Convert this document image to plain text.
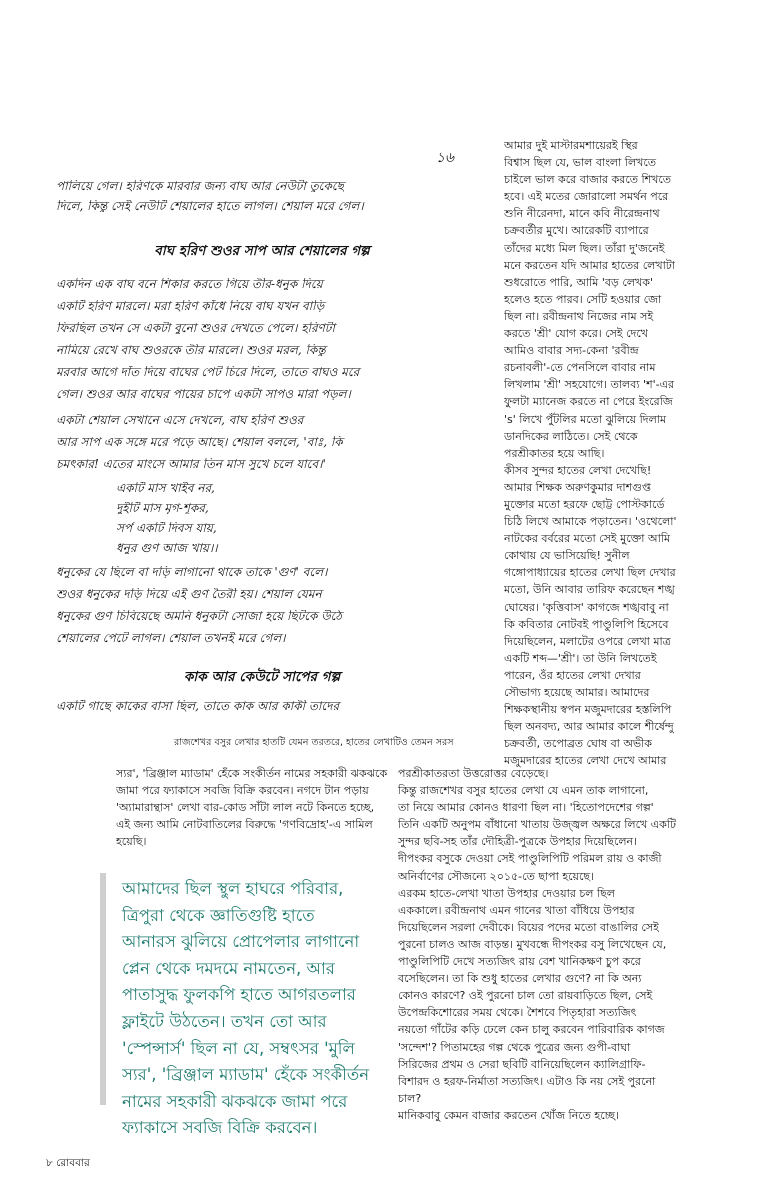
১৬
পালিয়ে গেল। হরিণকে মারবার জন্য বাঘ আর নেউটা তুকেছে
দিলে, কিন্তু সেই নেউটি শেয়ালের হাতে লাগল। শেয়াল মরে গেল।
বাঘ হরিণ শুওর সাপ আর শেয়ালের গল্প
একদিন এক বাঘ বনে শিকার করতে গিয়ে তীর-ধনুক দিয়ে
একটি হরিণ মারলে। মরা হরিণ কাঁধে নিয়ে বাঘ যখন বাড়ি
ফিরছিল তখন সে একটা বুনো শুওর দেখতে পেলে। হরিণটা
নামিয়ে রেখে বাঘ শুওরকে তীর মারলে। শুওর মরল, কিন্তু
মরবার আগে দাঁত দিয়ে বাঘের পেট চিরে দিলে, তাতে বাঘও মরে
গেল। শুওর আর বাঘের পায়ের চাপে একটা সাপও মারা পড়ল।
একটা শেয়াল সেখানে এসে দেখলে, বাঘ হরিণ শুওর
আর সাপ এক সঙ্গে মরে পড়ে আছে। শেয়াল বললে, 'বাঃ, কি
চমৎকার! এতের মাংসে আমার তিন মাস সুখে চলে যাবে।'
একটি মাস খাইব নর,
দুইটি মাস মৃগ-শূকর,
সর্প একটি দিবস যায়,
ধনুর গুণ আজ খায়।।
ধনুকের যে ছিলে বা দড়ি লাগানো থাকে তাকে 'গুণ' বলে।
শুওর ধনুকের দড়ি দিয়ে এই গুণ তৈরী হয়। শেয়াল যেমন
ধনুকের গুণ চিবিয়েছে অমনি ধনুকটা সোজা হয়ে ছিটকে উঠে
শেয়ালের পেটে লাগল। শেয়াল তখনই মরে গেল।
কাক আর কেউটে সাপের গল্প
একটি গাছে কাকের বাসা ছিল, তাতে কাক আর কাকী তাদের
রাজশেখর বসুর লেখার হাতটি যেমন তরতরে, হাতের লেখাটিও তেমন সরস
আমার দুই মাস্টারমশায়েরই স্থির
বিশ্বাস ছিল যে, ভাল বাংলা লিখতে
চাইলে ভাল করে বাজার করতে শিখতে
হবে। এই মতের জোরালো সমর্থন পরে
শুনি নীরেনদা, মানে কবি নীরেন্দ্রনাথ
চক্রবর্তীর মুখে। আরেকটি ব্যাপারে
তাঁদের মধ্যে মিল ছিল। তাঁরা দু'জনেই
মনে করতেন যদি আমার হাতের লেখাটা
শুধরোতে পারি, আমি 'বড় লেখক'
হলেও হতে পারব। সেটি হওয়ার জো
ছিল না। রবীন্দ্রনাথ নিজের নাম সই
করতে 'শ্রী' যোগ করে। সেই দেখে
আমিও বাবার সদ্য-কেনা 'রবীন্দ্র
রচনাবলী'-তে পেনসিলে বাবার নাম
লিখলাম 'শ্রী' সহযোগে। তালব্য 'শ'-এর
ফুলটা ম্যানেজ করতে না পেরে ইংরেজি
's' লিখে পুঁটলির মতো ঝুলিয়ে দিলাম
ডানদিকের লাঠিতে। সেই থেকে
পরশ্রীকাতর হয়ে আছি।
কীসব সুন্দর হাতের লেখা দেখেছি!
আমার শিক্ষক অরুণকুমার দাশগুপ্ত
মুক্তোর মতো হরফে ছোট্ট পোস্টকার্ডে
চিঠি লিখে আমাকে পড়াতেন। 'ওথেলো'
নাটকের বর্বরের মতো সেই মুক্তো আমি
কোথায় যে ভাসিয়েছি! সুনীল
গঙ্গোপাধ্যায়ের হাতের লেখা ছিল দেখার
মতো, উনি আবার তারিফ করেছেন শঙ্খ
ঘোষের। 'কৃত্তিবাস' কাগজে শঙ্খবাবু না
কি কবিতার নোটবই পাণ্ডুলিপি হিসেবে
দিয়েছিলেন, মলাটের ওপরে লেখা মাত্র
একটি শব্দ—'শ্রী'। তা উনি লিখতেই
পারেন, ওঁর হাতের লেখা দেখার
সৌভাগ্য হয়েছে আমার। আমাদের
শিক্ষকস্থানীয় স্বপন মজুমদারের হস্তলিপি
ছিল অনবদ্য, আর আমার কালে শীর্ষেন্দু
চক্রবর্তী, তপোব্রত ঘোষ বা অভীক
মজুমদারের হাতের লেখা দেখে আমার
স্যর', 'ব্রিঞ্জাল ম্যাডাম' হেঁকে সংকীর্তন নামের সহকারী ঝকঝকে
জামা পরে ফ্যাকাসে সবজি বিক্রি করবেন। নগদে টান পড়ায়
'অ্যামারান্থাস' লেখা বার-কোড সাঁটা লাল নটে কিনতে হচ্ছে,
এই জন্য আমি নোটবাতিলের বিরুদ্ধে 'গণবিদ্রোহ'-এ সামিল
হয়েছি।
আমাদের ছিল স্থুল হাঘরে পরিবার,
ত্রিপুরা থেকে জ্ঞাতিগুষ্টি হাতে
আনারস ঝুলিয়ে প্রোপেলার লাগানো
প্লেন থেকে দমদমে নামতেন, আর
পাতাসুদ্ধ ফুলকপি হাতে আগরতলার
ফ্লাইটে উঠতেন। তখন তো আর
'স্পেন্সার্স' ছিল না যে, সম্বৎসর 'মুলি
স্যর', 'ব্রিঞ্জাল ম্যাডাম' হেঁকে সংকীর্তন
নামের সহকারী ঝকঝকে জামা পরে
ফ্যাকাসে সবজি বিক্রি করবেন।
পরশ্রীকাতরতা উত্তরোত্তর বেড়েছে।
কিন্তু রাজশেখর বসুর হাতের লেখা যে এমন তাক লাগানো,
তা নিয়ে আমার কোনও ধারণা ছিল না। 'হিতোপদেশের গল্প'
তিনি একটি অনুপম বাঁধানো খাতায় উজ্জ্বল অক্ষরে লিখে একটি
সুন্দর ছবি-সহ তাঁর দৌহিত্রী-পুত্রকে উপহার দিয়েছিলেন।
দীপংকর বসুকে দেওয়া সেই পাণ্ডুলিপিটি পরিমল রায় ও কাজী
অনির্বাণের সৌজন্যে ২০১৫-তে ছাপা হয়েছে।
এরকম হাতে-লেখা খাতা উপহার দেওয়ার চল ছিল
এককালে। রবীন্দ্রনাথ এমন গানের খাতা বাঁধিয়ে উপহার
দিয়েছিলেন সরলা দেবীকে। বিয়ের পদের মতো বাঙালির সেই
পুরনো চালও আজ বাড়ন্ত। মুখবন্ধে দীপংকর বসু লিখেছেন যে,
পাণ্ডুলিপিটি দেখে সত্যজিৎ রায় বেশ খানিকক্ষণ চুপ করে
বসেছিলেন। তা কি শুধু হাতের লেখার গুণে? না কি অন্য
কোনও কারণে? ওই পুরনো চাল তো রায়বাড়িতে ছিল, সেই
উপেন্দ্রকিশোরের সময় থেকে। শৈশবে পিতৃহারা সত্যজিৎ
নয়তো গাঁটের কড়ি ঢেলে কেন চালু করবেন পারিবারিক কাগজ
'সন্দেশ'? পিতামহের গল্প থেকে পুত্রের জন্য গুপী-বাঘা
সিরিজের প্রথম ও সেরা ছবিটি বানিয়েছিলেন ক্যালিগ্রাফি-
বিশারদ ও হরফ-নির্মাতা সত্যজিৎ। এটাও কি নয় সেই পুরনো
চাল?
মানিকবাবু কেমন বাজার করতেন খোঁজ নিতে হচ্ছে।
৮ রোববার
